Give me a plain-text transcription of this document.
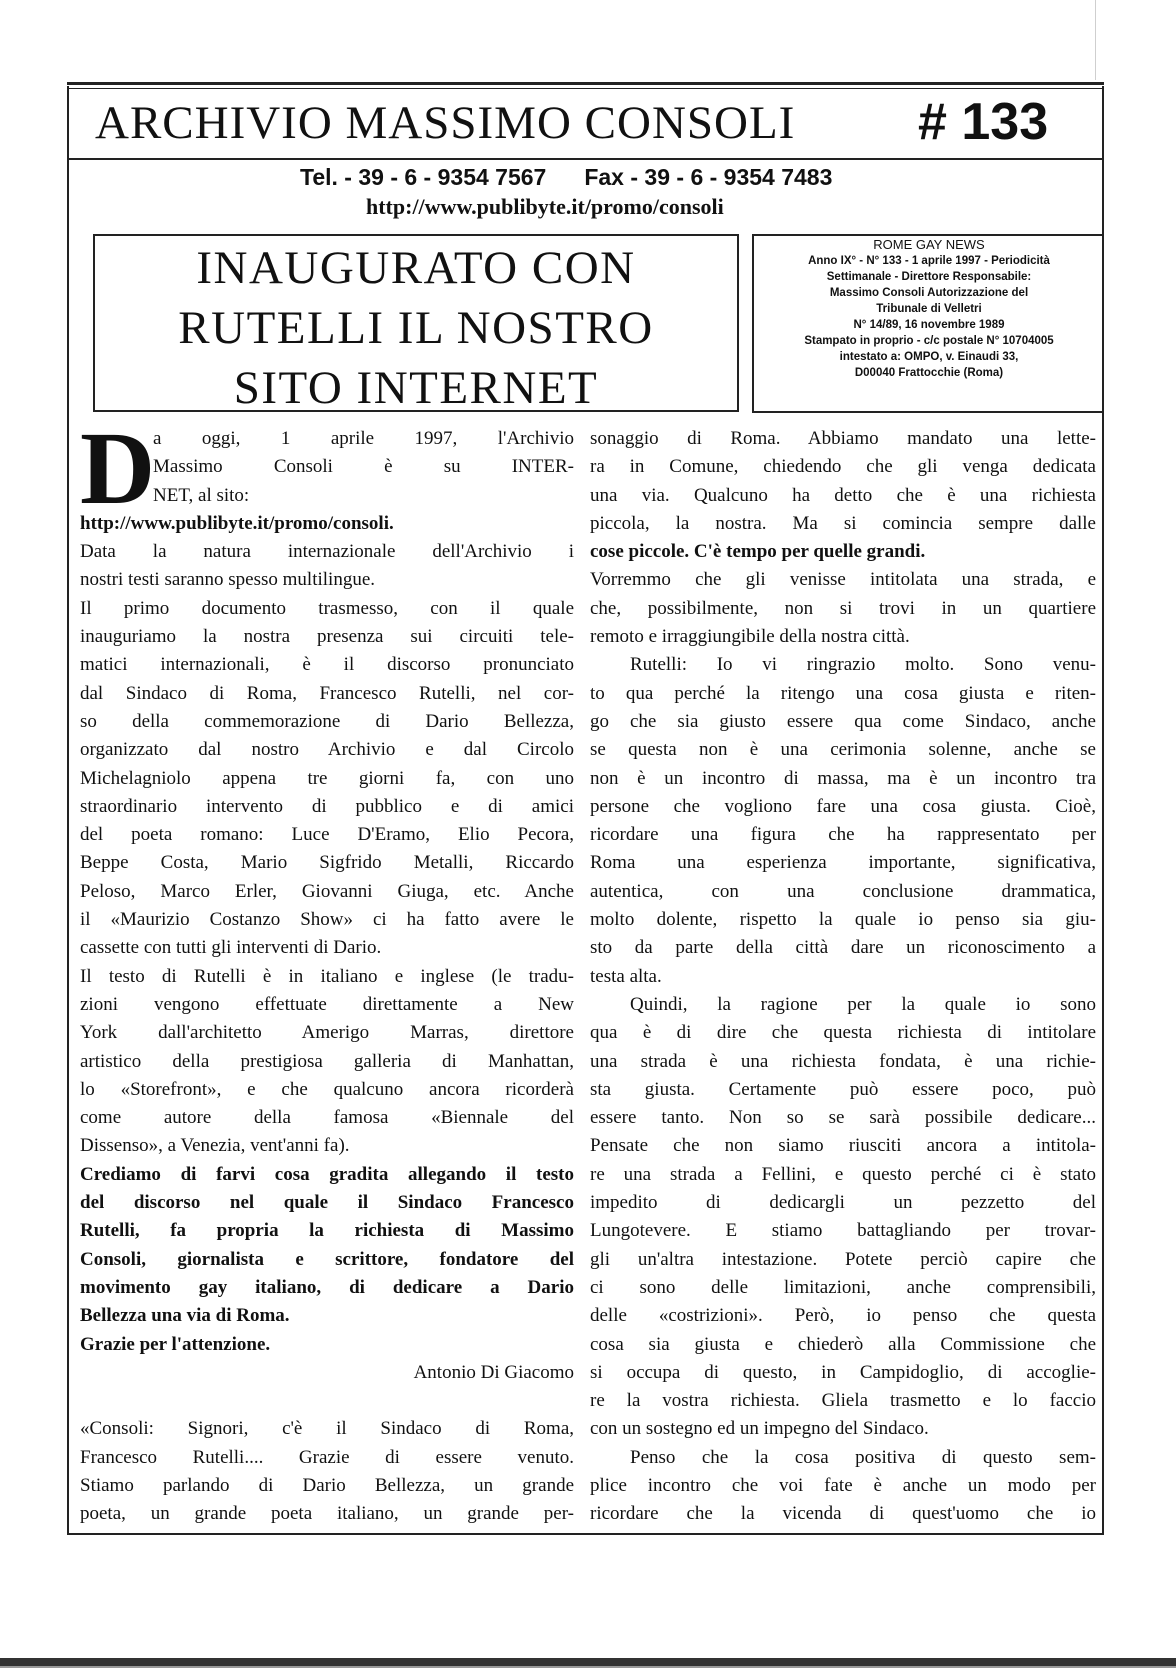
ARCHIVIO MASSIMO CONSOLI	# 133
Tel. - 39 - 6 - 9354 7567 Fax - 39 - 6 - 9354 7483
http://www.publibyte.it/promo/consoli
INAUGURATO CON
RUTELLI IL NOSTRO
SITO INTERNET
ROME GAY NEWS
Anno IX° - N° 133 - 1 aprile 1997 - Periodicità
Settimanale - Direttore Responsabile:
Massimo Consoli Autorizzazione del
Tribunale di Velletri
N° 14/89, 16 novembre 1989
Stampato in proprio - c/c postale N° 10704005
intestato a: OMPO, v. Einaudi 33,
D00040 Frattocchie (Roma)
D
a oggi, 1 aprile 1997, l'Archivio
Massimo Consoli è su INTER-
NET, al sito:
http://www.publibyte.it/promo/consoli.
Data la natura internazionale dell'Archivio i
nostri testi saranno spesso multilingue.
Il primo documento trasmesso, con il quale
inauguriamo la nostra presenza sui circuiti tele-
matici internazionali, è il discorso pronunciato
dal Sindaco di Roma, Francesco Rutelli, nel cor-
so della commemorazione di Dario Bellezza,
organizzato dal nostro Archivio e dal Circolo
Michelagniolo appena tre giorni fa, con uno
straordinario intervento di pubblico e di amici
del poeta romano: Luce D'Eramo, Elio Pecora,
Beppe Costa, Mario Sigfrido Metalli, Riccardo
Peloso, Marco Erler, Giovanni Giuga, etc. Anche
il «Maurizio Costanzo Show» ci ha fatto avere le
cassette con tutti gli interventi di Dario.
Il testo di Rutelli è in italiano e inglese (le tradu-
zioni vengono effettuate direttamente a New
York dall'architetto Amerigo Marras, direttore
artistico della prestigiosa galleria di Manhattan,
lo «Storefront», e che qualcuno ancora ricorderà
come autore della famosa «Biennale del
Dissenso», a Venezia, vent'anni fa).
Crediamo di farvi cosa gradita allegando il testo
del discorso nel quale il Sindaco Francesco
Rutelli, fa propria la richiesta di Massimo
Consoli, giornalista e scrittore, fondatore del
movimento gay italiano, di dedicare a Dario
Bellezza una via di Roma.
Grazie per l'attenzione.
Antonio Di Giacomo
«Consoli: Signori, c'è il Sindaco di Roma,
Francesco Rutelli.... Grazie di essere venuto.
Stiamo parlando di Dario Bellezza, un grande
poeta, un grande poeta italiano, un grande per-
sonaggio di Roma. Abbiamo mandato una lette-
ra in Comune, chiedendo che gli venga dedicata
una via. Qualcuno ha detto che è una richiesta
piccola, la nostra. Ma si comincia sempre dalle
cose piccole. C'è tempo per quelle grandi.
Vorremmo che gli venisse intitolata una strada, e
che, possibilmente, non si trovi in un quartiere
remoto e irraggiungibile della nostra città.
Rutelli: Io vi ringrazio molto. Sono venu-
to qua perché la ritengo una cosa giusta e riten-
go che sia giusto essere qua come Sindaco, anche
se questa non è una cerimonia solenne, anche se
non è un incontro di massa, ma è un incontro tra
persone che vogliono fare una cosa giusta. Cioè,
ricordare una figura che ha rappresentato per
Roma una esperienza importante, significativa,
autentica, con una conclusione drammatica,
molto dolente, rispetto la quale io penso sia giu-
sto da parte della città dare un riconoscimento a
testa alta.
Quindi, la ragione per la quale io sono
qua è di dire che questa richiesta di intitolare
una strada è una richiesta fondata, è una richie-
sta giusta. Certamente può essere poco, può
essere tanto. Non so se sarà possibile dedicare...
Pensate che non siamo riusciti ancora a intitola-
re una strada a Fellini, e questo perché ci è stato
impedito di dedicargli un pezzetto del
Lungotevere. E stiamo battagliando per trovar-
gli un'altra intestazione. Potete perciò capire che
ci sono delle limitazioni, anche comprensibili,
delle «costrizioni». Però, io penso che questa
cosa sia giusta e chiederò alla Commissione che
si occupa di questo, in Campidoglio, di accoglie-
re la vostra richiesta. Gliela trasmetto e lo faccio
con un sostegno ed un impegno del Sindaco.
Penso che la cosa positiva di questo sem-
plice incontro che voi fate è anche un modo per
ricordare che la vicenda di quest'uomo che io
